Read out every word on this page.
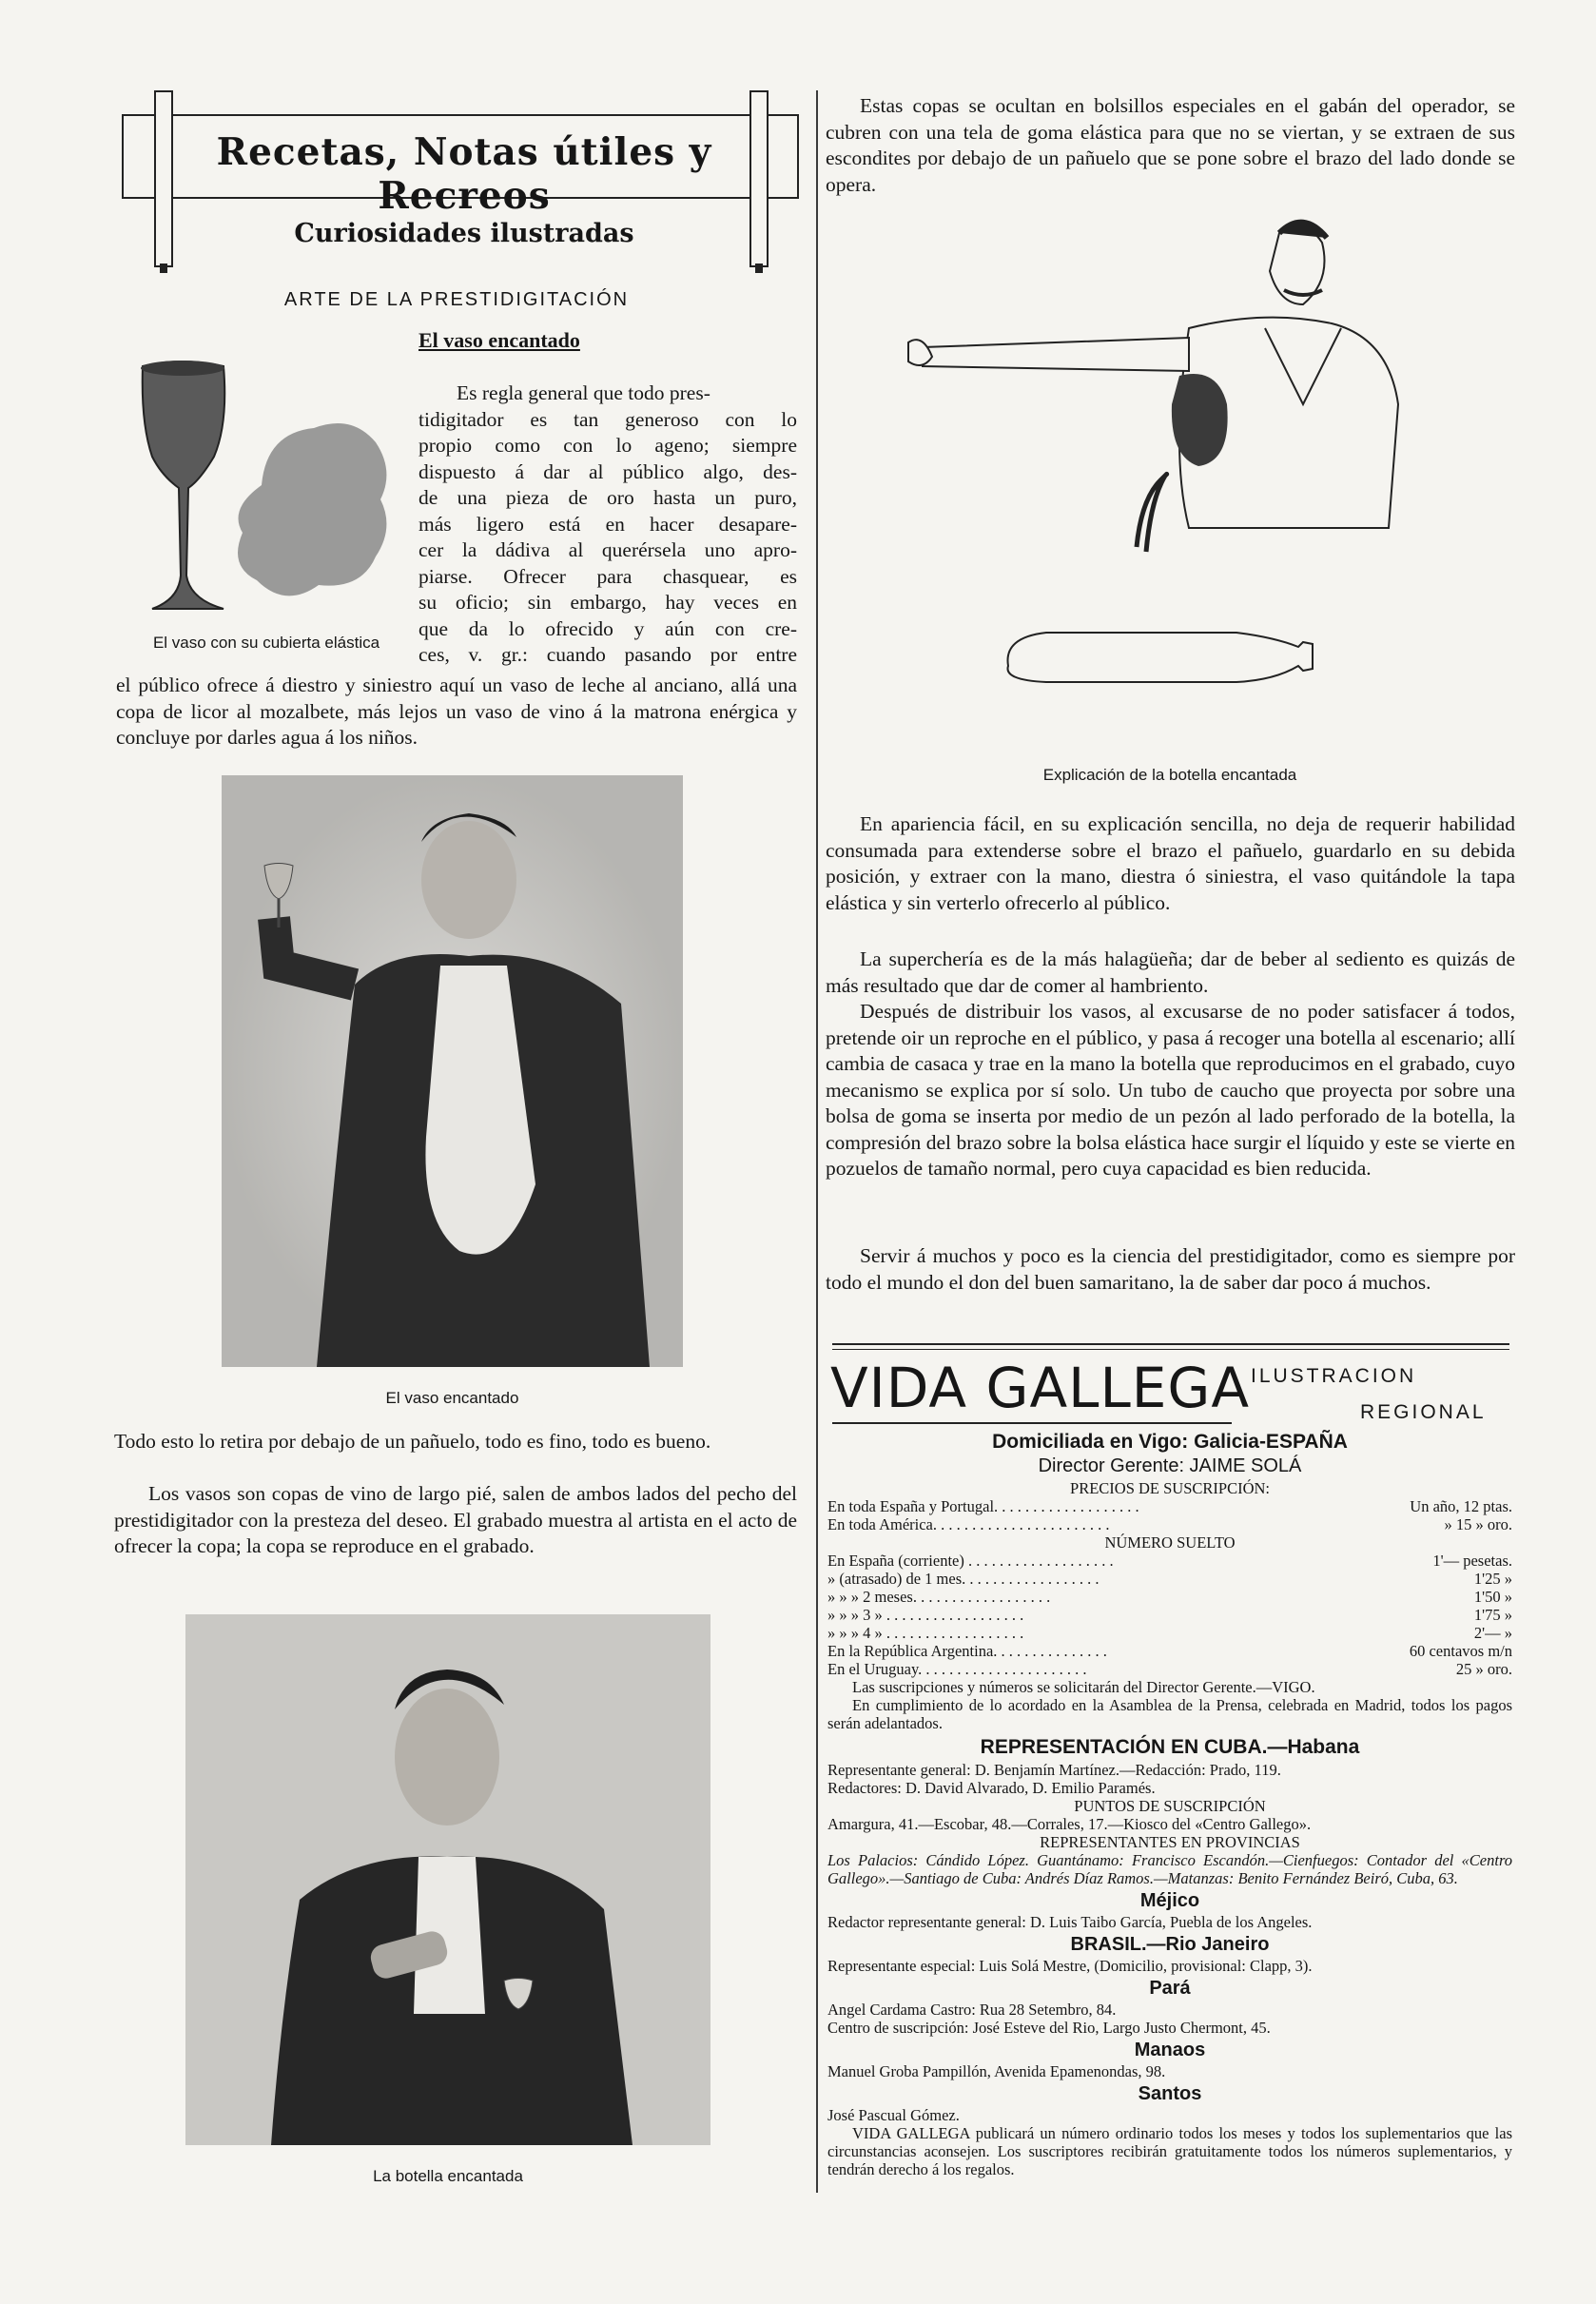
Recetas, Notas útiles y Recreos
Curiosidades ilustradas
ARTE DE LA PRESTIDIGITACIÓN
El vaso encantado
El vaso con su cubierta elástica

Es regla general que todo pres-

tidigitador es tan generoso con lo

propio como con lo ageno; siempre

dispuesto á dar al público algo, des-

de una pieza de oro hasta un puro,

más ligero está en hacer desapare-

cer la dádiva al querérsela uno apro-

piarse. Ofrecer para chasquear, es

su oficio; sin embargo, hay veces en

que da lo ofrecido y aún con cre-

ces, v. gr.: cuando pasando por entre

el público ofrece á diestro y siniestro aquí un vaso de leche al anciano, allá una copa de licor al mozalbete, más lejos un vaso de vino á la matrona enérgica y concluye por darles agua á los niños.

El vaso encantado

Todo esto lo retira por debajo de un pañuelo, todo es fino, todo es bueno.

Los vasos son copas de vino de largo pié, salen de ambos lados del pecho del prestidigitador con la presteza del deseo. El grabado muestra al artista en el acto de ofrecer la copa; la copa se reproduce en el grabado.

La botella encantada

Estas copas se ocultan en bolsillos especiales en el gabán del operador, se cubren con una tela de goma elástica para que no se viertan, y se extraen de sus escondites por debajo de un pañuelo que se pone sobre el brazo del lado donde se opera.

Explicación de la botella encantada

En apariencia fácil, en su explicación sencilla, no deja de requerir habilidad consumada para extenderse sobre el brazo el pañuelo, guardarlo en su debida posición, y extraer con la mano, diestra ó siniestra, el vaso quitándole la tapa elástica y sin verterlo ofrecerlo al público.

La superchería es de la más halagüeña; dar de beber al sediento es quizás de más resultado que dar de comer al hambriento.

Después de distribuir los vasos, al excusarse de no poder satisfacer á todos, pretende oir un reproche en el público, y pasa á recoger una botella al escenario; allí cambia de casaca y trae en la mano la botella que reproducimos en el grabado, cuyo mecanismo se explica por sí solo. Un tubo de caucho que proyecta por sobre una bolsa de goma se inserta por medio de un pezón al lado perforado de la botella, la compresión del brazo sobre la bolsa elástica hace surgir el líquido y este se vierte en pozuelos de tamaño normal, pero cuya capacidad es bien reducida.

Servir á muchos y poco es la ciencia del prestidigitador, como es siempre por todo el mundo el don del buen samaritano, la de saber dar poco á muchos.

VIDA GALLEGA ILUSTRACION
REGIONAL

Domiciliada en Vigo: Galicia-ESPAÑA

Director Gerente: JAIME SOLÁ

PRECIOS DE SUSCRIPCIÓN:

En toda España y Portugal. . . . . . . . . . . . . . . . . . .	Un año, 12 ptas.
En toda América. . . . . . . . . . . . . . . . . . . . . . .	» 15 » oro.

NÚMERO SUELTO

En España (corriente) . . . . . . . . . . . . . . . . . . .	1'— pesetas.
» (atrasado) de 1 mes. . . . . . . . . . . . . . . . . .	1'25 »
» » » 2 meses. . . . . . . . . . . . . . . . . .	1'50 »
» » » 3 » . . . . . . . . . . . . . . . . . .	1'75 »
» » » 4 » . . . . . . . . . . . . . . . . . .	2'— »
En la República Argentina. . . . . . . . . . . . . . .	60 centavos m/n
En el Uruguay. . . . . . . . . . . . . . . . . . . . . .	25 » oro.

Las suscripciones y números se solicitarán del Director Gerente.—VIGO.

En cumplimiento de lo acordado en la Asamblea de la Prensa, celebrada en Madrid, todos los pagos serán adelantados.

REPRESENTACIÓN EN CUBA.—Habana

Representante general: D. Benjamín Martínez.—Redacción: Prado, 119.

Redactores: D. David Alvarado, D. Emilio Paramés.

PUNTOS DE SUSCRIPCIÓN

Amargura, 41.—Escobar, 48.—Corrales, 17.—Kiosco del «Centro Gallego».

REPRESENTANTES EN PROVINCIAS

Los Palacios: Cándido López. Guantánamo: Francisco Escandón.—Cienfuegos: Contador del «Centro Gallego».—Santiago de Cuba: Andrés Díaz Ramos.—Matanzas: Benito Fernández Beiró, Cuba, 63.

Méjico

Redactor representante general: D. Luis Taibo García, Puebla de los Angeles.

BRASIL.—Rio Janeiro

Representante especial: Luis Solá Mestre, (Domicilio, provisional: Clapp, 3).

Pará

Angel Cardama Castro: Rua 28 Setembro, 84.

Centro de suscripción: José Esteve del Rio, Largo Justo Chermont, 45.

Manaos

Manuel Groba Pampillón, Avenida Epamenondas, 98.

Santos

José Pascual Gómez.

VIDA GALLEGA publicará un número ordinario todos los meses y todos los suplementarios que las circunstancias aconsejen. Los suscriptores recibirán gratuitamente todos los números suplementarios, y tendrán derecho á los regalos.
